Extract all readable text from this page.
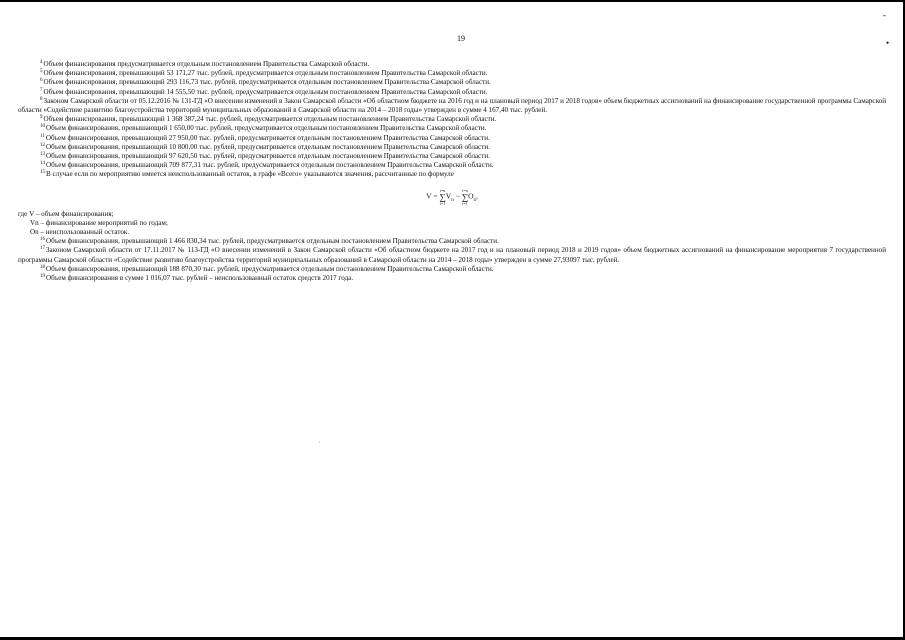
19
-
•
$^4$Объем финансирования предусматривается отдельным постановлением Правительства Самарской области.
$^5$Объем финансирования, превышающий 53 171,27 тыс. рублей, предусматривается отдельным постановлением Правительства Самарской области.
$^6$Объем финансирования, превышающий 293 116,73 тыс. рублей, предусматривается отдельным постановлением Правительства Самарской области.
$^7$Объем финансирования, превышающий 14 555,50 тыс. рублей, предусматривается отдельным постановлением Правительства Самарской области.
$^8$Законом Самарской области от 05.12.2016 № 131-ГД «О внесении изменений в Закон Самарской области «Об областном бюджете на 2016 год и на плановый период 2017 и 2018 годов» объем бюджетных ассигнований на финансирование государственной программы Самарской области «Содействие развитию благоустройства территорий муниципальных образований в Самарской области на 2014 – 2018 годы» утвержден в сумме 4 167,40 тыс. рублей.
$^9$Объем финансирования, превышающий 1 368 387,24 тыс. рублей, предусматривается отдельным постановлением Правительства Самарской области.
$^{10}$Объем финансирования, превышающий 1 650,00 тыс. рублей, предусматривается отдельным постановлением Правительства Самарской области.
$^{11}$Объем финансирования, превышающий 27 950,00 тыс. рублей, предусматривается отдельным постановлением Правительства Самарской области.
$^{12}$Объем финансирования, превышающий 10 800,00 тыс. рублей, предусматривается отдельным постановлением Правительства Самарской области.
$^{13}$Объем финансирования, превышающий 97 620,50 тыс. рублей, предусматривается отдельным постановлением Правительства Самарской области.
$^{14}$Объем финансирования, превышающий 709 877,31 тыс. рублей, предусматривается отдельным постановлением Правительства Самарской области.
$^{15}$В случае если по мероприятию имеется неиспользованный остаток, в графе «Всего» указываются значения, рассчитанные по формуле
V =
i=n
∑
i=1
$V_n$ −
i=n
∑
i=1
$O_n$,
где V – объем финансирования;
Vn – финансирование мероприятий по годам;
On – неиспользованный остаток.
$^{16}$Объем финансирования, превышающий 1 466 830,34 тыс. рублей, предусматривается отдельным постановлением Правительства Самарской области.
$^{17}$Законом Самарской области от 17.11.2017 № 113-ГД «О внесении изменений в Закон Самарской области «Об областном бюджете на 2017 год и на плановый период 2018 и 2019 годов» объем бюджетных ассигнований на финансирование мероприятия 7 государственной программы Самарской области «Содействие развитию благоустройства территорий муниципальных образований в Самарской области на 2014 – 2018 годы» утвержден в сумме 27,93097 тыс. рублей.
$^{18}$Объем финансирования, превышающий 188 870,30 тыс. рублей, предусматривается отдельным постановлением Правительства Самарской области.
$^{19}$Объем финансирования в сумме 1 016,07 тыс. рублей – неиспользованный остаток средств 2017 года.
·
